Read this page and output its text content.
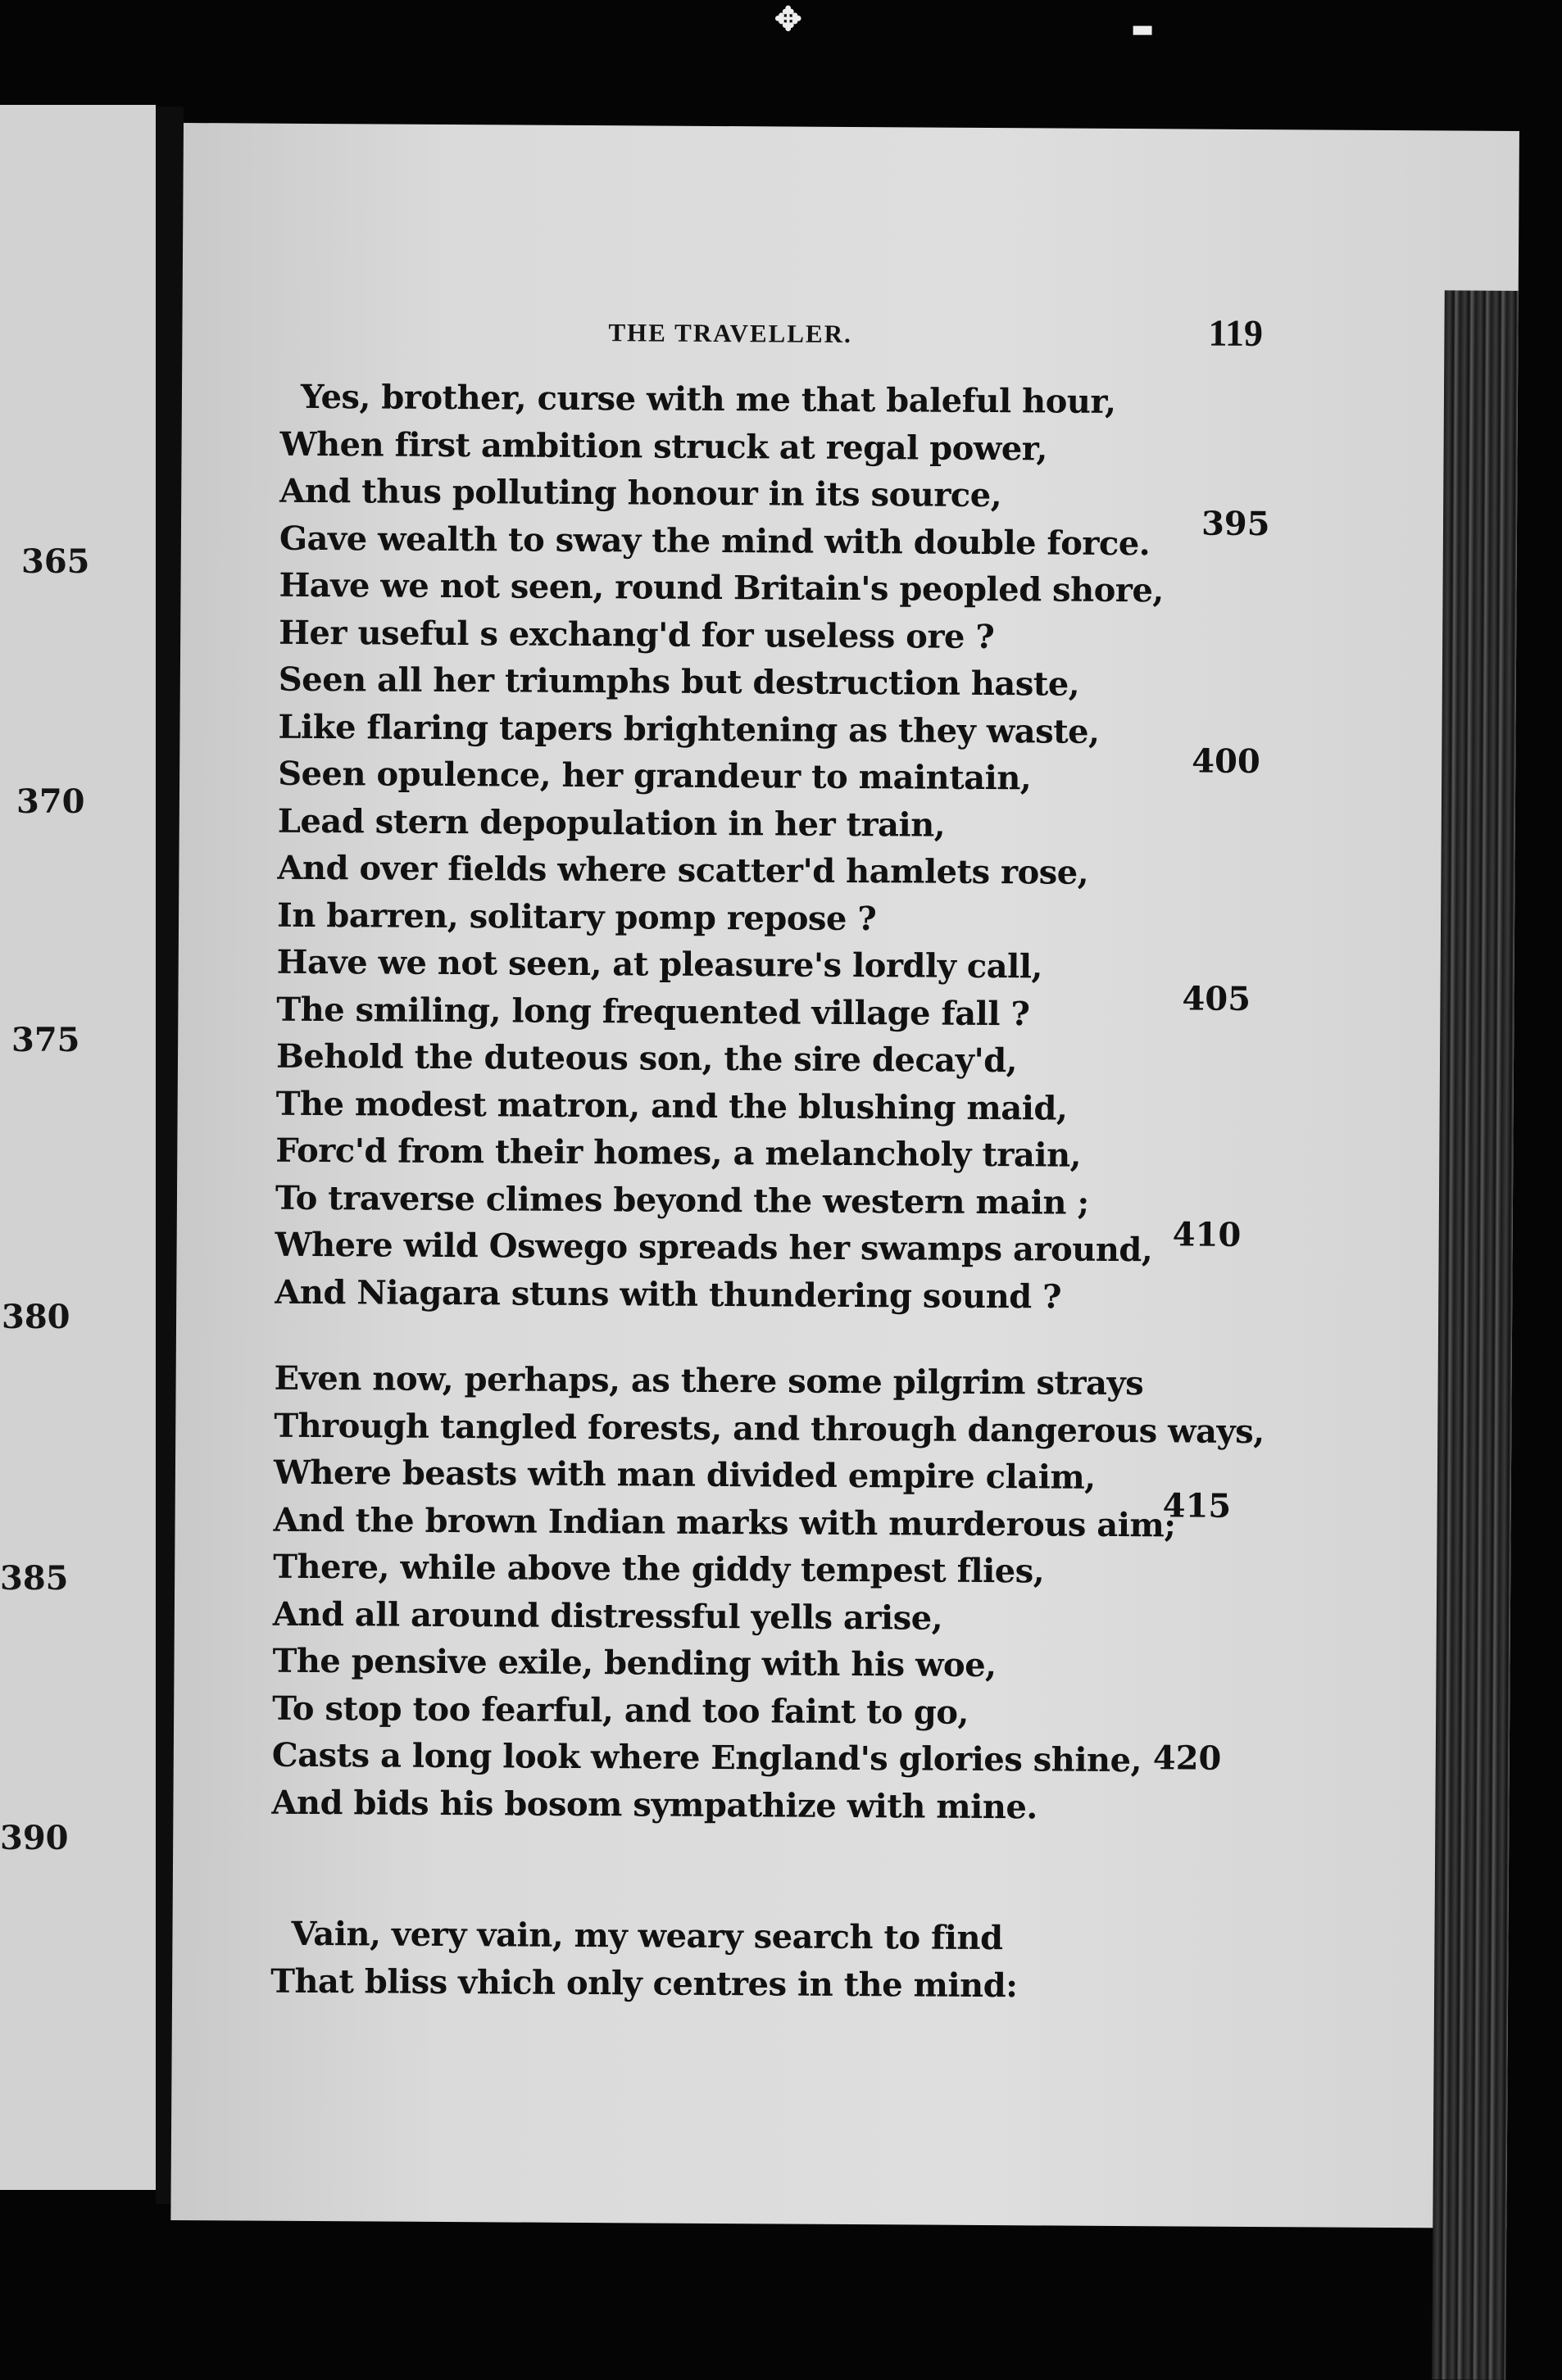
✥	▬
365
370
375
380
385
390
THE TRAVELLER.	119
Yes, brother, curse with me that baleful hour,
When first ambition struck at regal power,
And thus polluting honour in its source,
Gave wealth to sway the mind with double force.
Have we not seen, round Britain's peopled shore,
Her useful s exchang'd for useless ore ?
Seen all her triumphs but destruction haste,
Like flaring tapers brightening as they waste,
Seen opulence, her grandeur to maintain,
Lead stern depopulation in her train,
And over fields where scatter'd hamlets rose,
In barren, solitary pomp repose ?
Have we not seen, at pleasure's lordly call,
The smiling, long frequented village fall ?
Behold the duteous son, the sire decay'd,
The modest matron, and the blushing maid,
Forc'd from their homes, a melancholy train,
To traverse climes beyond the western main ;
Where wild Oswego spreads her swamps around,
And Niagara stuns with thundering sound ?
Even now, perhaps, as there some pilgrim strays
Through tangled forests, and through dangerous ways,
Where beasts with man divided empire claim,
And the brown Indian marks with murderous aim;
There, while above the giddy tempest flies,
And all around distressful yells arise,
The pensive exile, bending with his woe,
To stop too fearful, and too faint to go,
Casts a long look where England's glories shine,
And bids his bosom sympathize with mine.
Vain, very vain, my weary search to find
That bliss vhich only centres in the mind:
395
400
405
410
415
420
